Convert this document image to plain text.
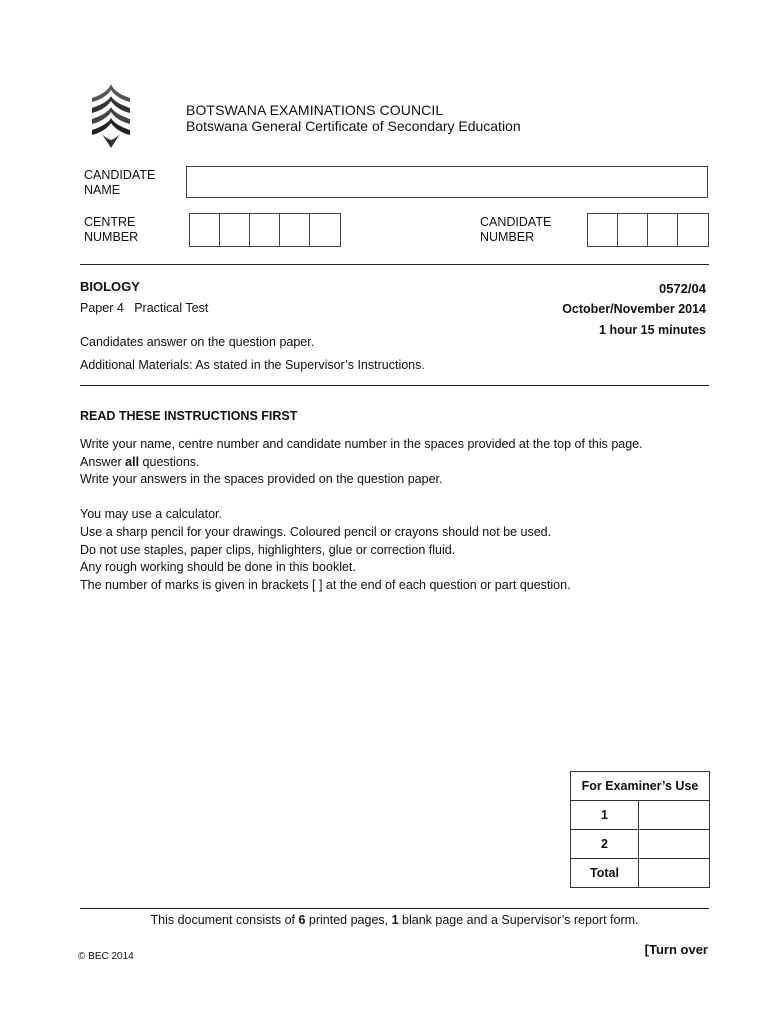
BOTSWANA EXAMINATIONS COUNCIL
Botswana General Certificate of Secondary Education
CANDIDATE
NAME
CENTRE
NUMBER
CANDIDATE
NUMBER
BIOLOGY	0572/04
Paper 4   Practical Test	October/November 2014
1 hour 15 minutes
Candidates answer on the question paper.
Additional Materials: As stated in the Supervisor’s Instructions.
READ THESE INSTRUCTIONS FIRST

Write your name, centre number and candidate number in the spaces provided at the top of this page.

Answer all questions.

Write your answers in the spaces provided on the question paper.

You may use a calculator.

Use a sharp pencil for your drawings. Coloured pencil or crayons should not be used.

Do not use staples, paper clips, highlighters, glue or correction fluid.

Any rough working should be done in this booklet.

The number of marks is given in brackets [ ] at the end of each question or part question.

For Examiner’s Use	
1	
2	
Total	
This document consists of 6 printed pages, 1 blank page and a Supervisor’s report form.
© BEC 2014	[Turn over
